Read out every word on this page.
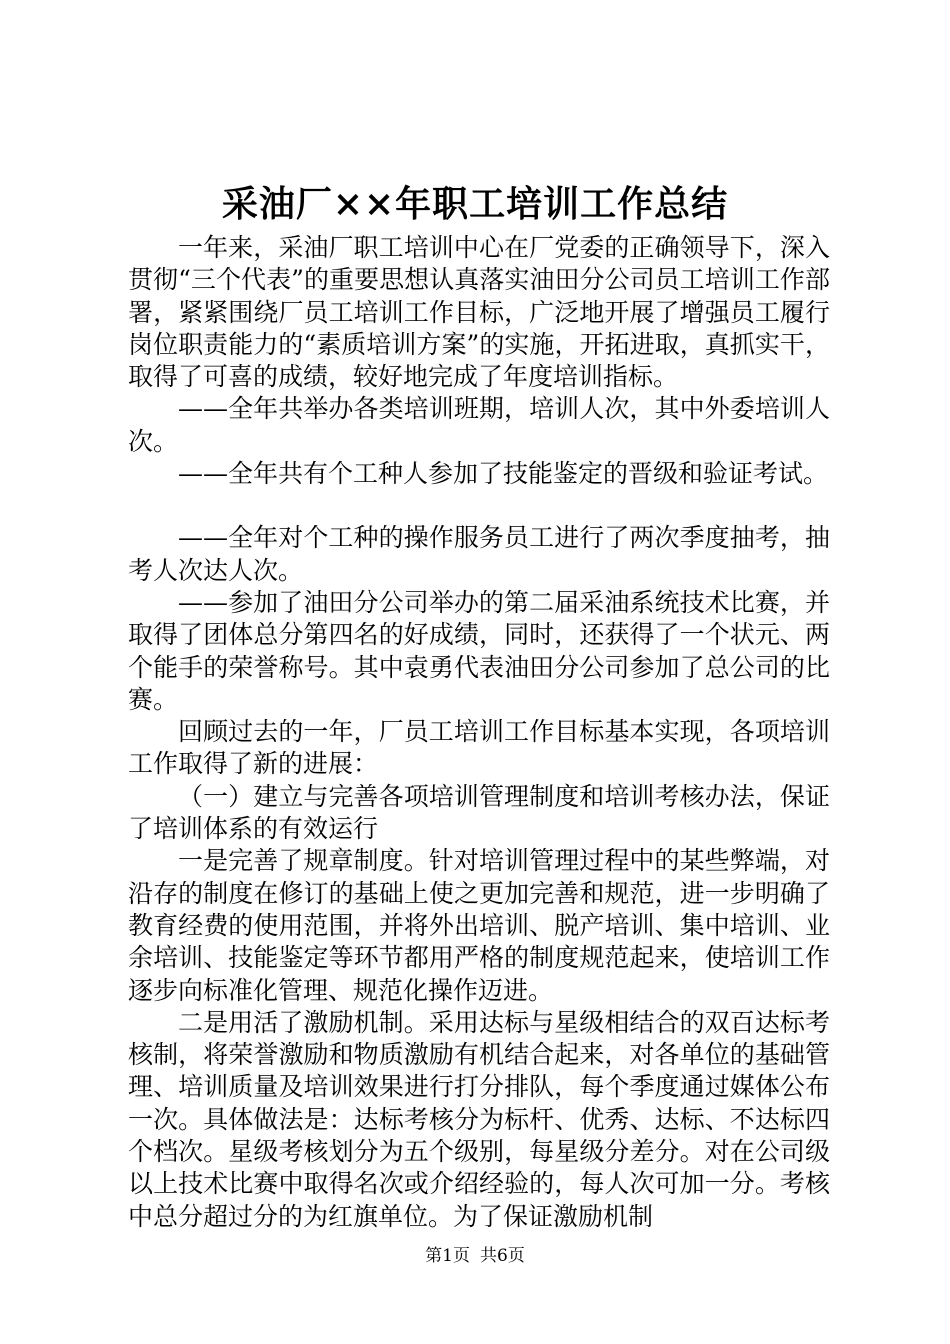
采油厂××年职工培训工作总结

一年来，采油厂职工培训中心在厂党委的正确领导下，深入贯彻“三个代表”的重要思想认真落实油田分公司员工培训工作部署，紧紧围绕厂员工培训工作目标，广泛地开展了增强员工履行岗位职责能力的“素质培训方案”的实施，开拓进取，真抓实干，取得了可喜的成绩，较好地完成了年度培训指标。

——全年共举办各类培训班期，培训人次，其中外委培训人次。

——全年共有个工种人参加了技能鉴定的晋级和验证考试。

——全年对个工种的操作服务员工进行了两次季度抽考，抽考人次达人次。

——参加了油田分公司举办的第二届采油系统技术比赛，并取得了团体总分第四名的好成绩，同时，还获得了一个状元、两个能手的荣誉称号。其中袁勇代表油田分公司参加了总公司的比赛。

回顾过去的一年，厂员工培训工作目标基本实现，各项培训工作取得了新的进展：

（一）建立与完善各项培训管理制度和培训考核办法，保证了培训体系的有效运行

一是完善了规章制度。针对培训管理过程中的某些弊端，对沿存的制度在修订的基础上使之更加完善和规范，进一步明确了教育经费的使用范围，并将外出培训、脱产培训、集中培训、业余培训、技能鉴定等环节都用严格的制度规范起来，使培训工作逐步向标准化管理、规范化操作迈进。

二是用活了激励机制。采用达标与星级相结合的双百达标考核制，将荣誉激励和物质激励有机结合起来，对各单位的基础管理、培训质量及培训效果进行打分排队，每个季度通过媒体公布一次。具体做法是：达标考核分为标杆、优秀、达标、不达标四个档次。星级考核划分为五个级别，每星级分差分。对在公司级以上技术比赛中取得名次或介绍经验的，每人次可加一分。考核中总分超过分的为红旗单位。为了保证激励机制

第1页 共6页
